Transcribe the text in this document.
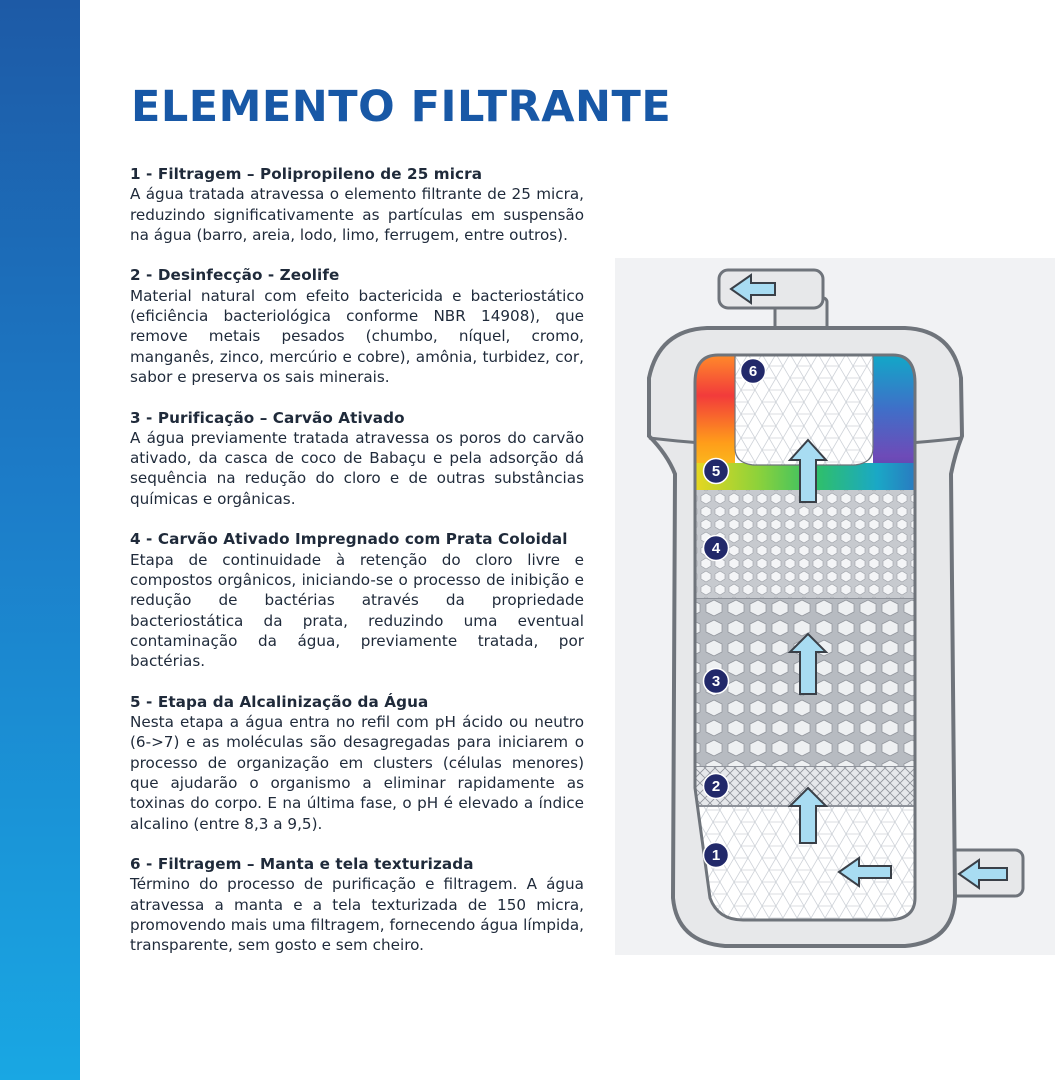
ELEMENTO FILTRANTE
1 - Filtragem – Polipropileno de 25 micra
A água tratada atravessa o elemento filtrante de 25 micra, reduzindo significativamente as partículas em suspensão na água (barro, areia, lodo, limo, ferrugem, entre outros).
2 - Desinfecção - Zeolife
Material natural com efeito bactericida e bacteriostático (eficiência bacteriológica conforme NBR 14908), que remove metais pesados (chumbo, níquel, cromo, manganês, zinco, mercúrio e cobre), amônia, turbidez, cor, sabor e preserva os sais minerais.
3 - Purificação – Carvão Ativado
A água previamente tratada atravessa os poros do carvão ativado, da casca de coco de Babaçu e pela adsorção dá sequência na redução do cloro e de outras substâncias químicas e orgânicas.
4 - Carvão Ativado Impregnado com Prata Coloidal
Etapa de continuidade à retenção do cloro livre e compostos orgânicos, iniciando-se o processo de inibição e redução de bactérias através da propriedade bacteriostática da prata, reduzindo uma eventual contaminação da água, previamente tratada, por bactérias.
5 - Etapa da Alcalinização da Água
Nesta etapa a água entra no refil com pH ácido ou neutro (6->7) e as moléculas são desagregadas para iniciarem o processo de organização em clusters (células menores) que ajudarão o organismo a eliminar rapidamente as toxinas do corpo. E na última fase, o pH é elevado a índice alcalino (entre 8,3 a 9,5).
6 - Filtragem – Manta e tela texturizada
Término do processo de purificação e filtragem. A água atravessa a manta e a tela texturizada de 150 micra, promovendo mais uma filtragem, fornecendo água límpida, transparente, sem gosto e sem cheiro.
1
2
3
4
5
6
